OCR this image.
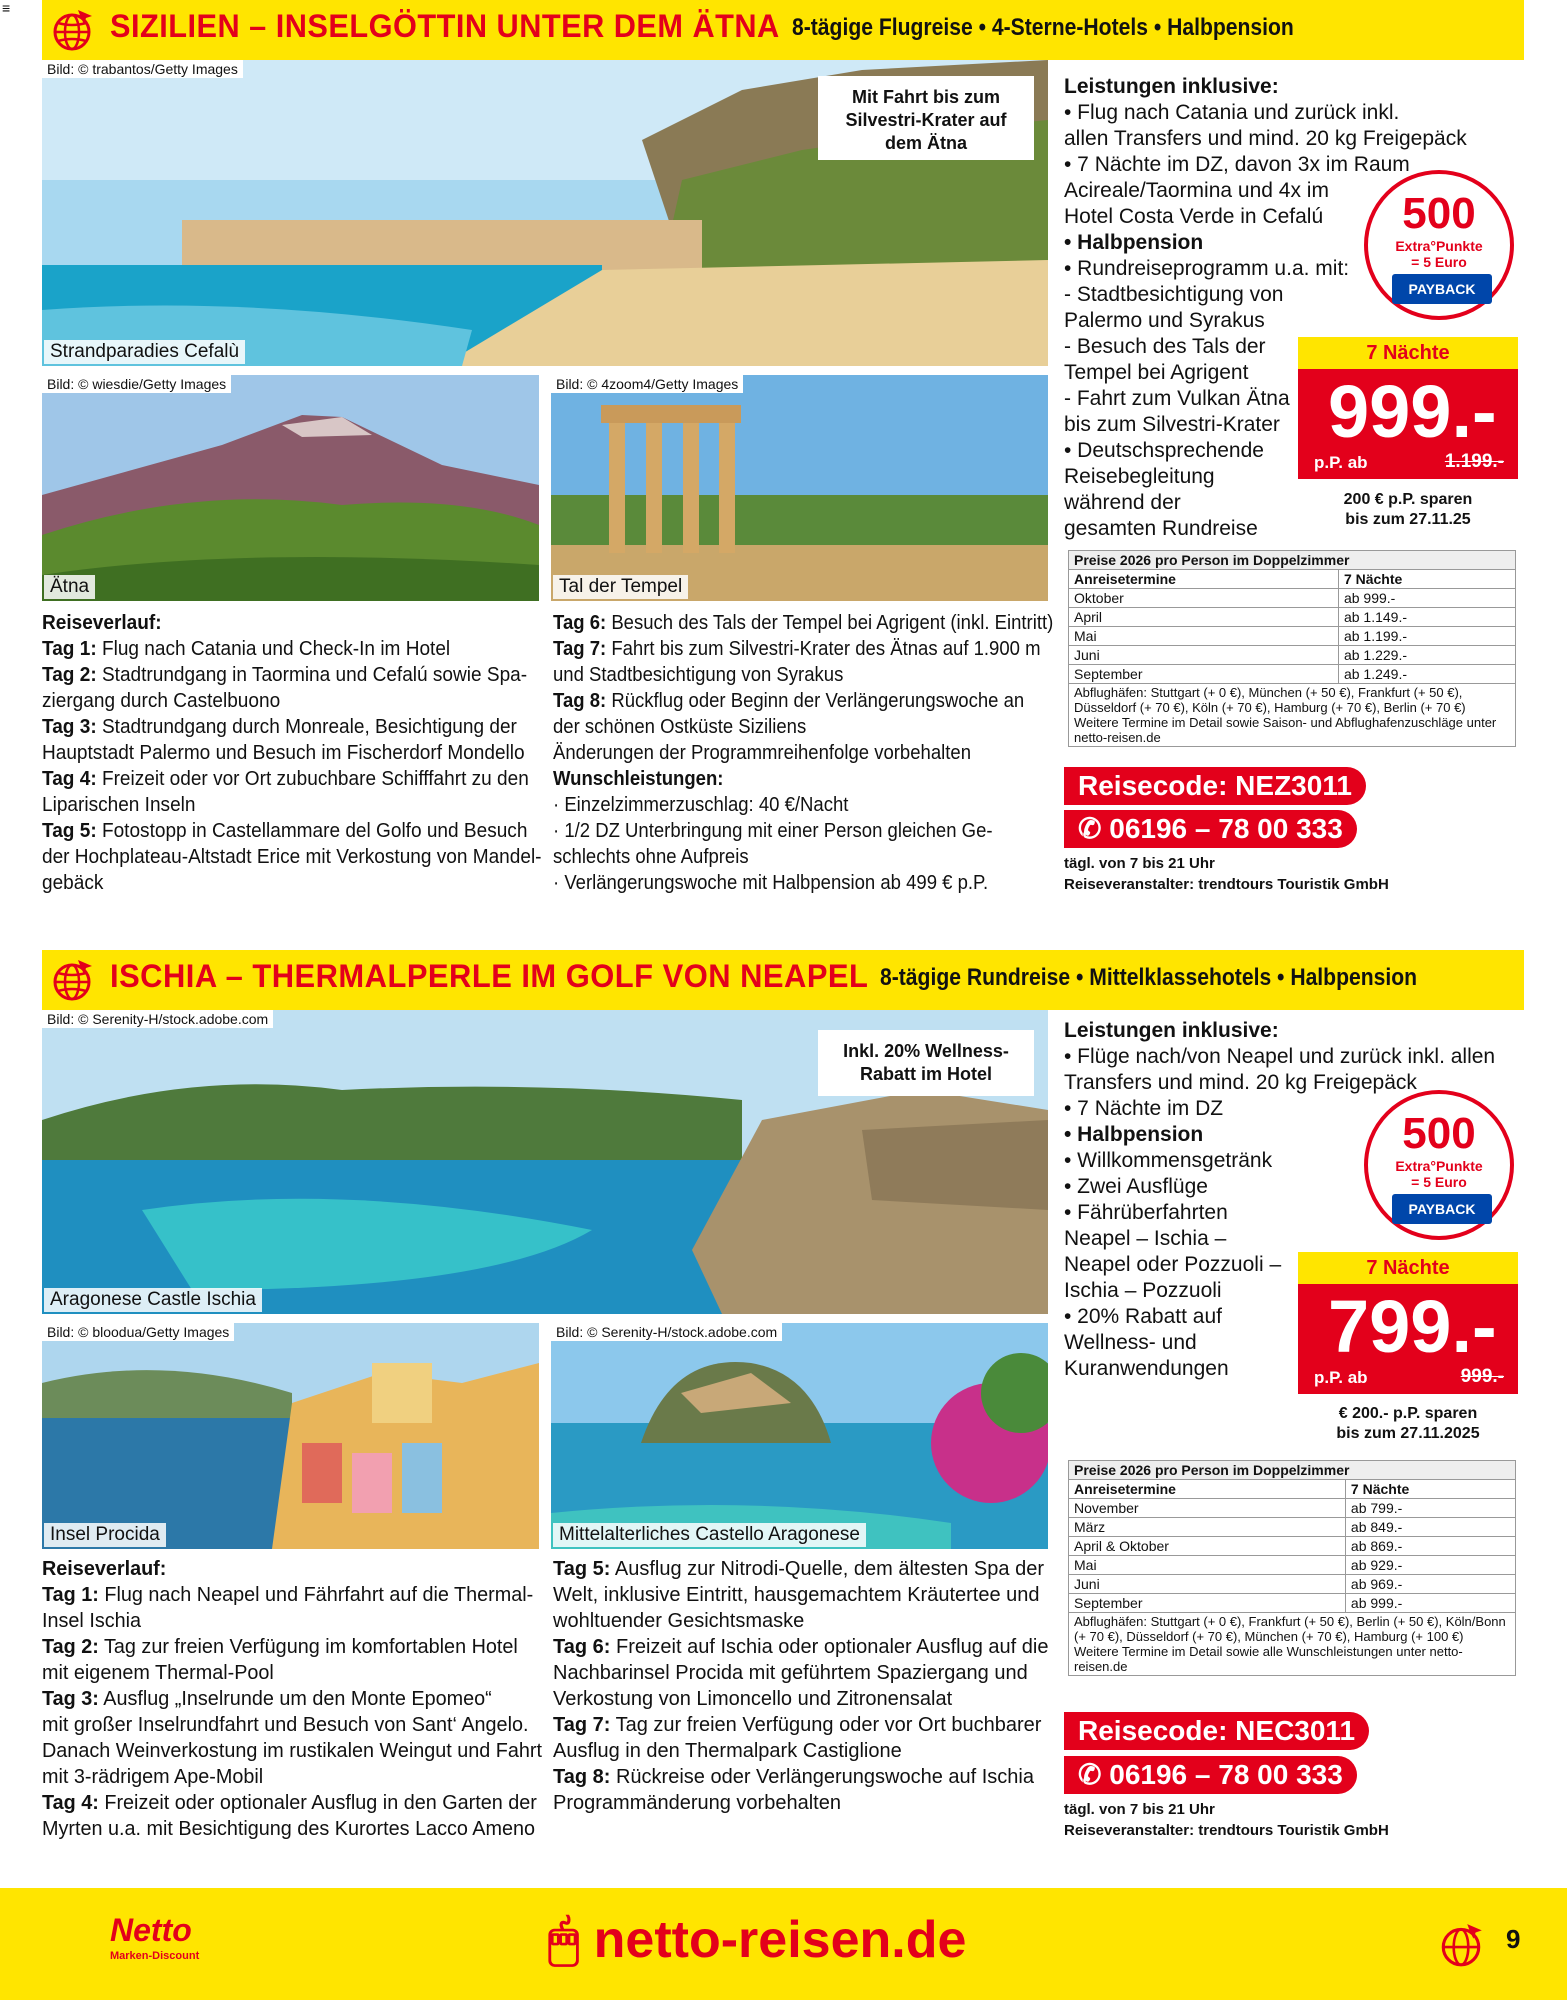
≡	SIZILIEN – INSELGÖTTIN UNTER DEM ÄTNA 8-tägige Flugreise • 4-Sterne-Hotels • Halbpension
Bild: © trabantos/Getty Images
Strandparadies Cefalù
Mit Fahrt bis zum
Silvestri-Krater auf
dem Ätna
Bild: © wiesdie/Getty Images
Ätna
Bild: © 4zoom4/Getty Images
Tal der Tempel
Reiseverlauf:
Tag 1: Flug nach Catania und Check-In im Hotel
Tag 2: Stadtrundgang in Taormina und Cefalú sowie Spa-
ziergang durch Castelbuono
Tag 3: Stadtrundgang durch Monreale, Besichtigung der
Hauptstadt Palermo und Besuch im Fischerdorf Mondello
Tag 4: Freizeit oder vor Ort zubuchbare Schifffahrt zu den
Liparischen Inseln
Tag 5: Fotostopp in Castellammare del Golfo und Besuch
der Hochplateau-Altstadt Erice mit Verkostung von Mandel-
gebäck
Tag 6: Besuch des Tals der Tempel bei Agrigent (inkl. Eintritt)
Tag 7: Fahrt bis zum Silvestri-Krater des Ätnas auf 1.900 m
und Stadtbesichtigung von Syrakus
Tag 8: Rückflug oder Beginn der Verlängerungswoche an
der schönen Ostküste Siziliens
Änderungen der Programmreihenfolge vorbehalten
Wunschleistungen:
· Einzelzimmerzuschlag: 40 €/Nacht
· 1/2 DZ Unterbringung mit einer Person gleichen Ge-
schlechts ohne Aufpreis
· Verlängerungswoche mit Halbpension ab 499 € p.P.
Leistungen inklusive:
• Flug nach Catania und zurück inkl.
allen Transfers und mind. 20 kg Freigepäck
• 7 Nächte im DZ, davon 3x im Raum
Acireale/Taormina und 4x im
Hotel Costa Verde in Cefalú
• Halbpension
• Rundreiseprogramm u.a. mit:
- Stadtbesichtigung von
Palermo und Syrakus
- Besuch des Tals der
Tempel bei Agrigent
- Fahrt zum Vulkan Ätna
bis zum Silvestri-Krater
• Deutschsprechende
Reisebegleitung
während der
gesamten Rundreise
500
Extra°Punkte
= 5 Euro
PAYBACK
7 Nächte
999.-
p.P. ab	1.199.-
200 € p.P. sparen
bis zum 27.11.25
Preise 2026 pro Person im Doppelzimmer	
Anreisetermine	7 Nächte
Oktober	ab 999.-
April	ab 1.149.-
Mai	ab 1.199.-
Juni	ab 1.229.-
September	ab 1.249.-
Abflughäfen: Stuttgart (+ 0 €), München (+ 50 €), Frankfurt (+ 50 €), Düsseldorf (+ 70 €), Köln (+ 70 €), Hamburg (+ 70 €), Berlin (+ 70 €) Weitere Termine im Detail sowie Saison- und Abflughafenzuschläge unter netto-reisen.de	
Reisecode: NEZ3011
✆ 06196 – 78 00 333
tägl. von 7 bis 21 Uhr
Reiseveranstalter: trendtours Touristik GmbH
ISCHIA – THERMALPERLE IM GOLF VON NEAPEL 8-tägige Rundreise • Mittelklassehotels • Halbpension
Bild: © Serenity-H/stock.adobe.com
Aragonese Castle Ischia
Inkl. 20% Wellness-
Rabatt im Hotel
Bild: © bloodua/Getty Images
Insel Procida
Bild: © Serenity-H/stock.adobe.com
Mittelalterliches Castello Aragonese
Reiseverlauf:
Tag 1: Flug nach Neapel und Fährfahrt auf die Thermal-
Insel Ischia
Tag 2: Tag zur freien Verfügung im komfortablen Hotel
mit eigenem Thermal-Pool
Tag 3: Ausflug „Inselrunde um den Monte Epomeo“
mit großer Inselrundfahrt und Besuch von Sant‘ Angelo.
Danach Weinverkostung im rustikalen Weingut und Fahrt
mit 3-rädrigem Ape-Mobil
Tag 4: Freizeit oder optionaler Ausflug in den Garten der
Myrten u.a. mit Besichtigung des Kurortes Lacco Ameno
Tag 5: Ausflug zur Nitrodi-Quelle, dem ältesten Spa der
Welt, inklusive Eintritt, hausgemachtem Kräutertee und
wohltuender Gesichtsmaske
Tag 6: Freizeit auf Ischia oder optionaler Ausflug auf die
Nachbarinsel Procida mit geführtem Spaziergang und
Verkostung von Limoncello und Zitronensalat
Tag 7: Tag zur freien Verfügung oder vor Ort buchbarer
Ausflug in den Thermalpark Castiglione
Tag 8: Rückreise oder Verlängerungswoche auf Ischia
Programmänderung vorbehalten
Leistungen inklusive:
• Flüge nach/von Neapel und zurück inkl. allen
Transfers und mind. 20 kg Freigepäck
• 7 Nächte im DZ
• Halbpension
• Willkommensgetränk
• Zwei Ausflüge
• Fährüberfahrten
Neapel – Ischia –
Neapel oder Pozzuoli –
Ischia – Pozzuoli
• 20% Rabatt auf
Wellness- und
Kuranwendungen
500
Extra°Punkte
= 5 Euro
PAYBACK
7 Nächte
799.-
p.P. ab	999.-
€ 200.- p.P. sparen
bis zum 27.11.2025
Preise 2026 pro Person im Doppelzimmer	
Anreisetermine	7 Nächte
November	ab 799.-
März	ab 849.-
April & Oktober	ab 869.-
Mai	ab 929.-
Juni	ab 969.-
September	ab 999.-
Abflughäfen: Stuttgart (+ 0 €), Frankfurt (+ 50 €), Berlin (+ 50 €), Köln/Bonn (+ 70 €), Düsseldorf (+ 70 €), München (+ 70 €), Hamburg (+ 100 €) Weitere Termine im Detail sowie alle Wunschleistungen unter netto-reisen.de	
Reisecode: NEC3011
✆ 06196 – 78 00 333
tägl. von 7 bis 21 Uhr
Reiseveranstalter: trendtours Touristik GmbH
Netto
Marken-Discount	🖱 netto-reisen.de	9
